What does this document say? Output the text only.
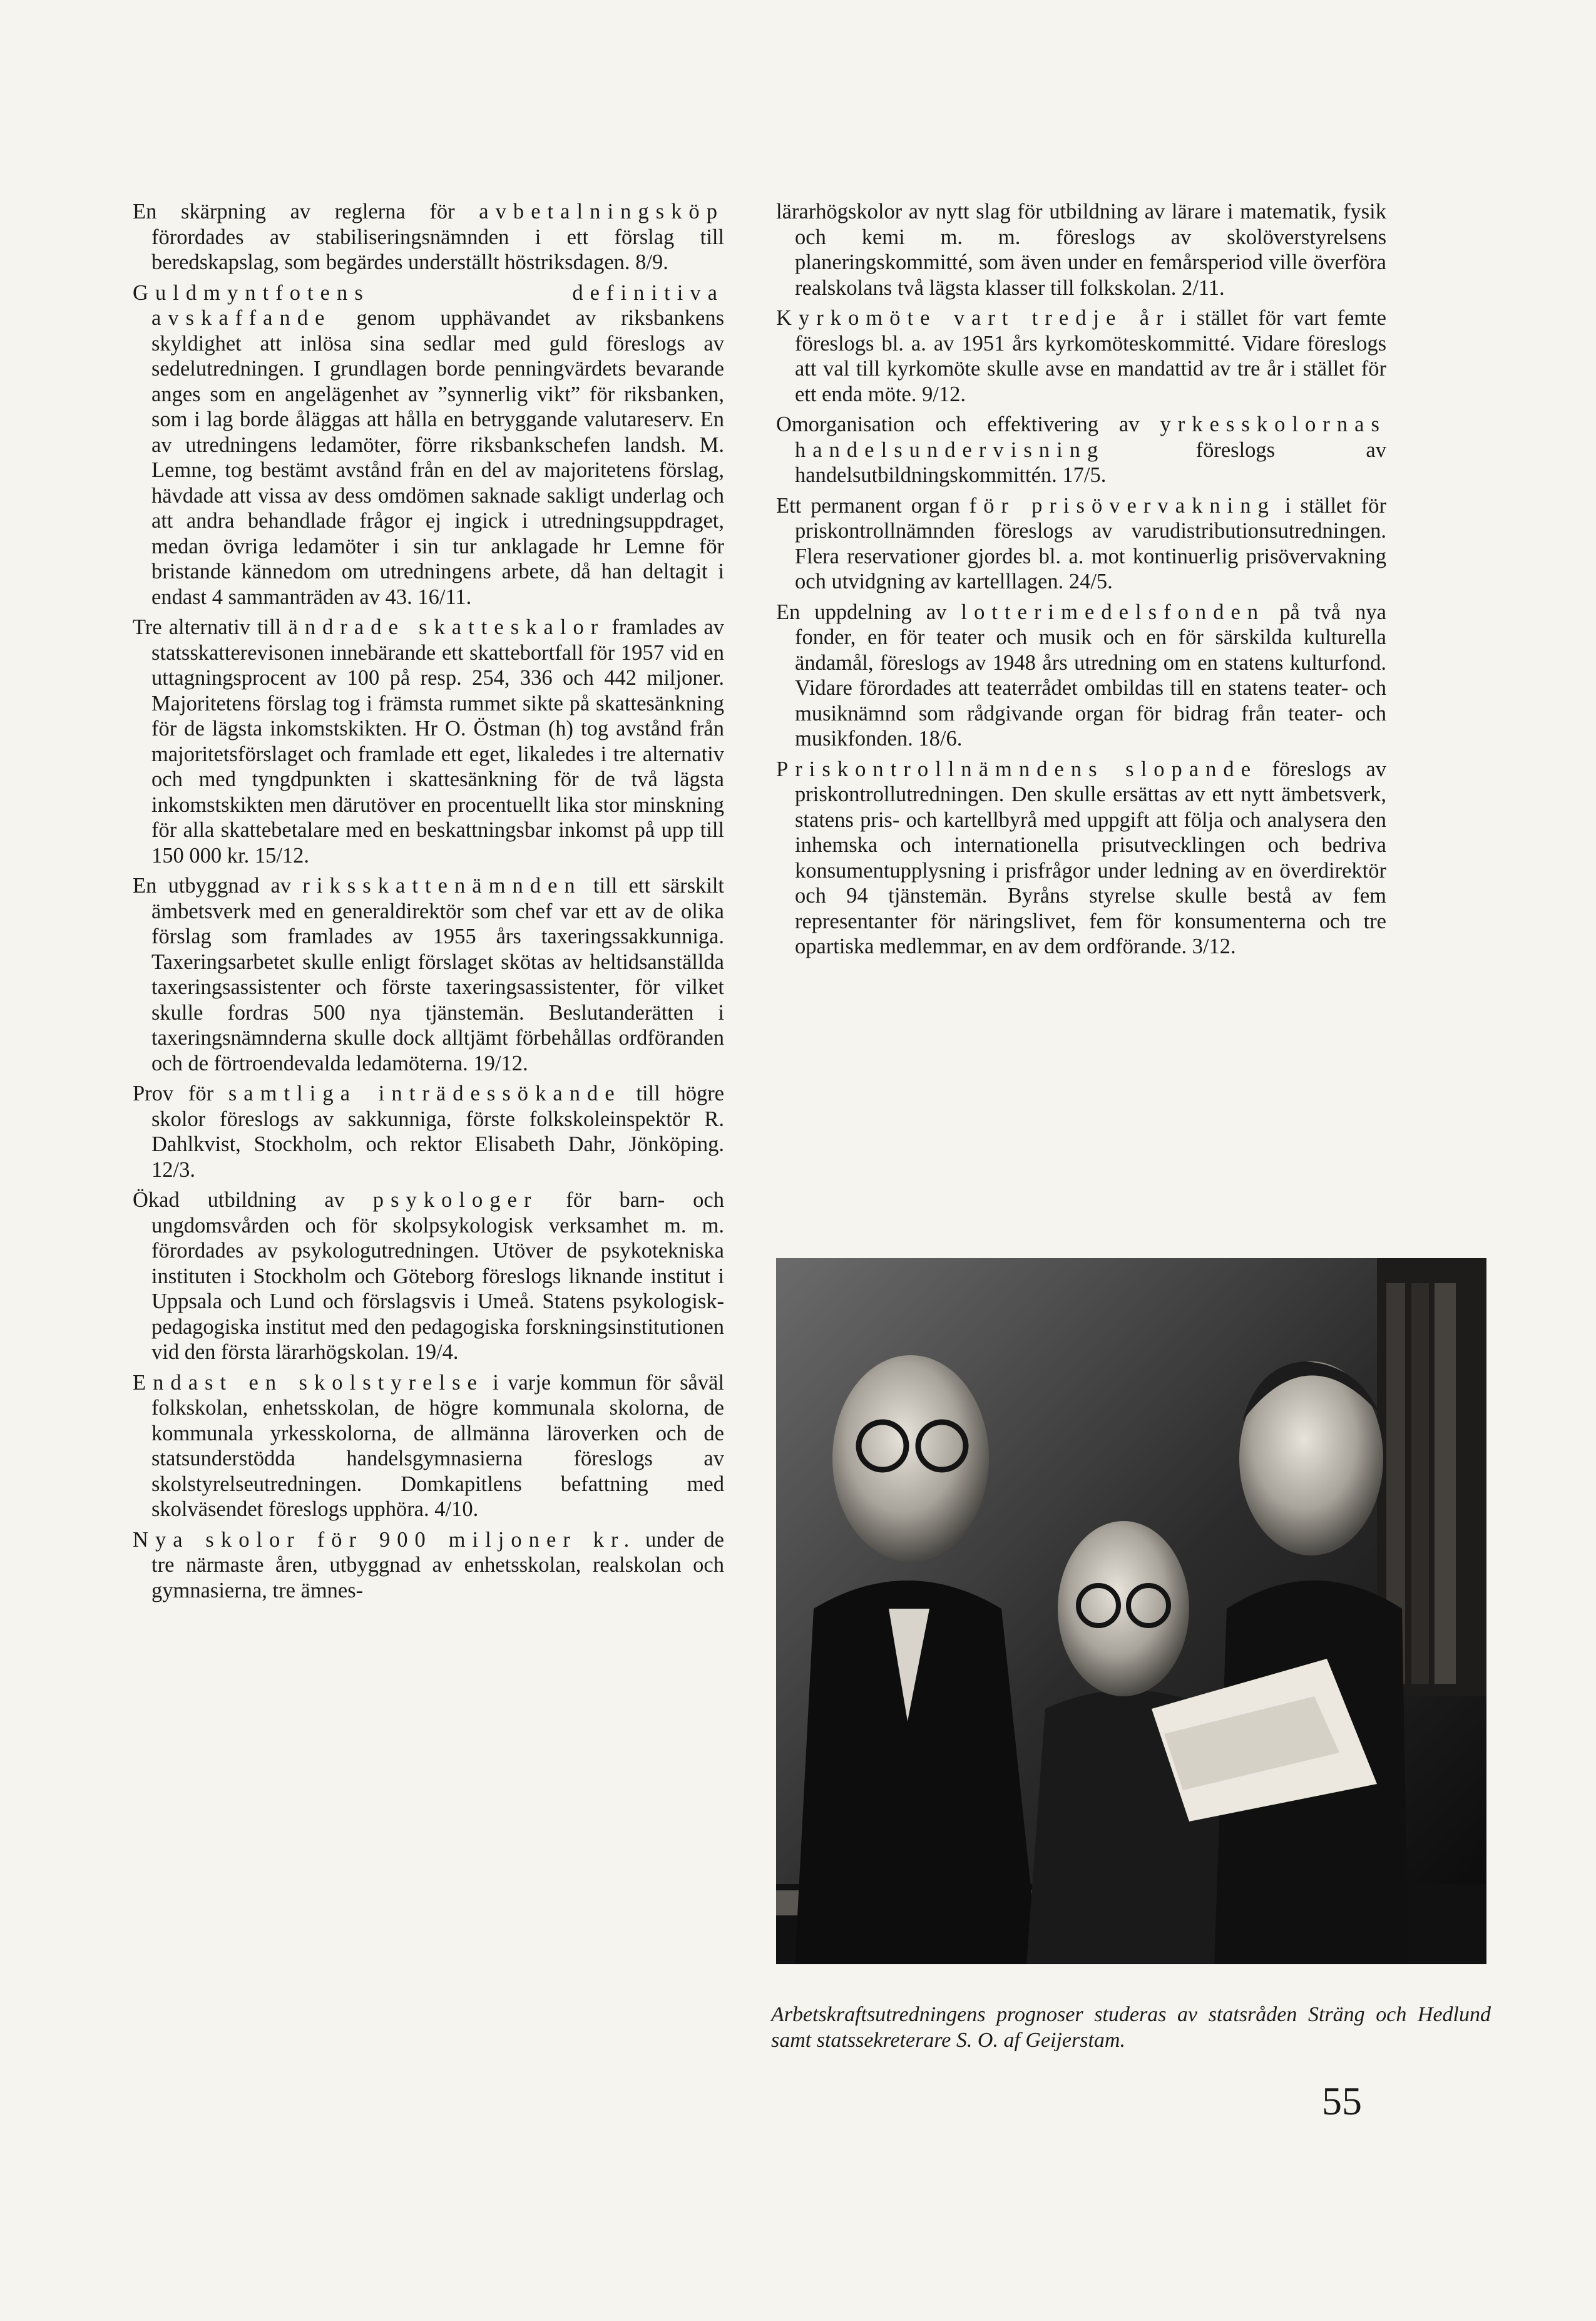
En skärpning av reglerna för avbetalningsköp förordades av stabiliseringsnämnden i ett förslag till beredskapslag, som begärdes underställt höstriksdagen. 8/9.

Guldmyntfotens definitiva avskaffande genom upphävandet av riksbankens skyldighet att inlösa sina sedlar med guld föreslogs av sedelutredningen. I grundlagen borde penningvärdets bevarande anges som en angelägenhet av ”synnerlig vikt” för riksbanken, som i lag borde åläggas att hålla en betryggande valutareserv. En av utredningens ledamöter, förre riksbankschefen landsh. M. Lemne, tog bestämt avstånd från en del av majoritetens förslag, hävdade att vissa av dess omdömen saknade sakligt underlag och att andra behandlade frågor ej ingick i utredningsuppdraget, medan övriga ledamöter i sin tur anklagade hr Lemne för bristande kännedom om utredningens arbete, då han deltagit i endast 4 sammanträden av 43. 16/11.

Tre alternativ till ändrade skatteskalor framlades av statsskatterevisonen innebärande ett skattebortfall för 1957 vid en uttagningsprocent av 100 på resp. 254, 336 och 442 miljoner. Majoritetens förslag tog i främsta rummet sikte på skattesänkning för de lägsta inkomstskikten. Hr O. Östman (h) tog avstånd från majoritetsförslaget och framlade ett eget, likaledes i tre alternativ och med tyngdpunkten i skattesänkning för de två lägsta inkomstskikten men därutöver en procentuellt lika stor minskning för alla skattebetalare med en beskattningsbar inkomst på upp till 150 000 kr. 15/12.

En utbyggnad av riksskattenämnden till ett särskilt ämbetsverk med en generaldirektör som chef var ett av de olika förslag som framlades av 1955 års taxeringssakkunniga. Taxeringsarbetet skulle enligt förslaget skötas av heltidsanställda taxeringsassistenter och förste taxeringsassistenter, för vilket skulle fordras 500 nya tjänstemän. Beslutanderätten i taxeringsnämnderna skulle dock alltjämt förbehållas ordföranden och de förtroendevalda ledamöterna. 19/12.

Prov för samtliga inträdessökande till högre skolor föreslogs av sakkunniga, förste folkskoleinspektör R. Dahlkvist, Stockholm, och rektor Elisabeth Dahr, Jönköping. 12/3.

Ökad utbildning av psykologer för barn- och ungdomsvården och för skolpsykologisk verksamhet m. m. förordades av psykologutredningen. Utöver de psykotekniska instituten i Stockholm och Göteborg föreslogs liknande institut i Uppsala och Lund och förslagsvis i Umeå. Statens psykologisk-pedagogiska institut med den pedagogiska forskningsinstitutionen vid den första lärarhögskolan. 19/4.

Endast en skolstyrelse i varje kommun för såväl folkskolan, enhetsskolan, de högre kommunala skolorna, de kommunala yrkesskolorna, de allmänna läroverken och de statsunderstödda handelsgymnasierna föreslogs av skolstyrelseutredningen. Domkapitlens befattning med skolväsendet föreslogs upphöra. 4/10.

Nya skolor för 900 miljoner kr. under de tre närmaste åren, utbyggnad av enhetsskolan, realskolan och gymnasierna, tre ämnes-

lärarhögskolor av nytt slag för utbildning av lärare i matematik, fysik och kemi m. m. föreslogs av skolöverstyrelsens planeringskommitté, som även under en femårsperiod ville överföra realskolans två lägsta klasser till folkskolan. 2/11.

Kyrkomöte vart tredje år i stället för vart femte föreslogs bl. a. av 1951 års kyrkomöteskommitté. Vidare föreslogs att val till kyrkomöte skulle avse en mandattid av tre år i stället för ett enda möte. 9/12.

Omorganisation och effektivering av yrkesskolornas handelsundervisning föreslogs av handelsutbildningskommittén. 17/5.

Ett permanent organ för prisövervakning i stället för priskontrollnämnden föreslogs av varudistributionsutredningen. Flera reservationer gjordes bl. a. mot kontinuerlig prisövervakning och utvidgning av kartelllagen. 24/5.

En uppdelning av lotterimedelsfonden på två nya fonder, en för teater och musik och en för särskilda kulturella ändamål, föreslogs av 1948 års utredning om en statens kulturfond. Vidare förordades att teaterrådet ombildas till en statens teater- och musiknämnd som rådgivande organ för bidrag från teater- och musikfonden. 18/6.

Priskontrollnämndens slopande föreslogs av priskontrollutredningen. Den skulle ersättas av ett nytt ämbetsverk, statens pris- och kartellbyrå med uppgift att följa och analysera den inhemska och internationella prisutvecklingen och bedriva konsumentupplysning i prisfrågor under ledning av en överdirektör och 94 tjänstemän. Byråns styrelse skulle bestå av fem representanter för näringslivet, fem för konsumenterna och tre opartiska medlemmar, en av dem ordförande. 3/12.

Arbetskraftsutredningens prognoser studeras av statsråden Sträng och Hedlund samt statssekreterare S. O. af Geijerstam.
55
